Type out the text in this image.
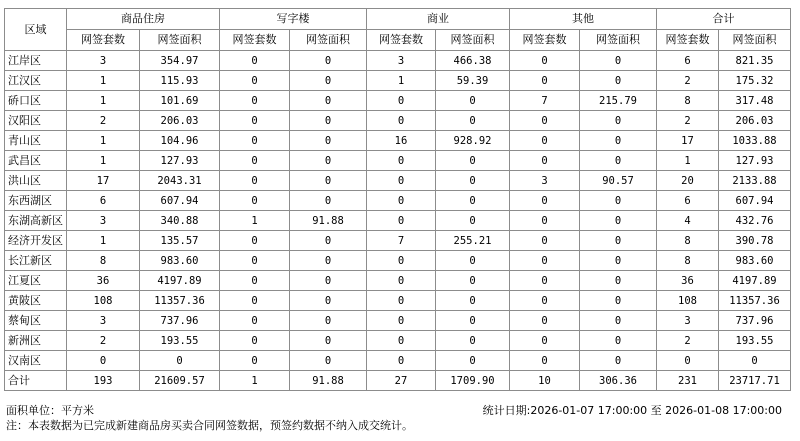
区域	商品住房		写字楼		商业		其他		合计	
	网签套数	网签面积	网签套数	网签面积	网签套数	网签面积	网签套数	网签面积	网签套数	网签面积
江岸区	3	354.97	0	0	3	466.38	0	0	6	821.35
江汉区	1	115.93	0	0	1	59.39	0	0	2	175.32
硚口区	1	101.69	0	0	0	0	7	215.79	8	317.48
汉阳区	2	206.03	0	0	0	0	0	0	2	206.03
青山区	1	104.96	0	0	16	928.92	0	0	17	1033.88
武昌区	1	127.93	0	0	0	0	0	0	1	127.93
洪山区	17	2043.31	0	0	0	0	3	90.57	20	2133.88
东西湖区	6	607.94	0	0	0	0	0	0	6	607.94
东湖高新区	3	340.88	1	91.88	0	0	0	0	4	432.76
经济开发区	1	135.57	0	0	7	255.21	0	0	8	390.78
长江新区	8	983.60	0	0	0	0	0	0	8	983.60
江夏区	36	4197.89	0	0	0	0	0	0	36	4197.89
黄陂区	108	11357.36	0	0	0	0	0	0	108	11357.36
蔡甸区	3	737.96	0	0	0	0	0	0	3	737.96
新洲区	2	193.55	0	0	0	0	0	0	2	193.55
汉南区	0	0	0	0	0	0	0	0	0	0
合计	193	21609.57	1	91.88	27	1709.90	10	306.36	231	23717.71
面积单位：平方米	统计日期:2026-01-07 17:00:00 至 2026-01-08 17:00:00
注：本表数据为已完成新建商品房买卖合同网签数据，预签约数据不纳入成交统计。
